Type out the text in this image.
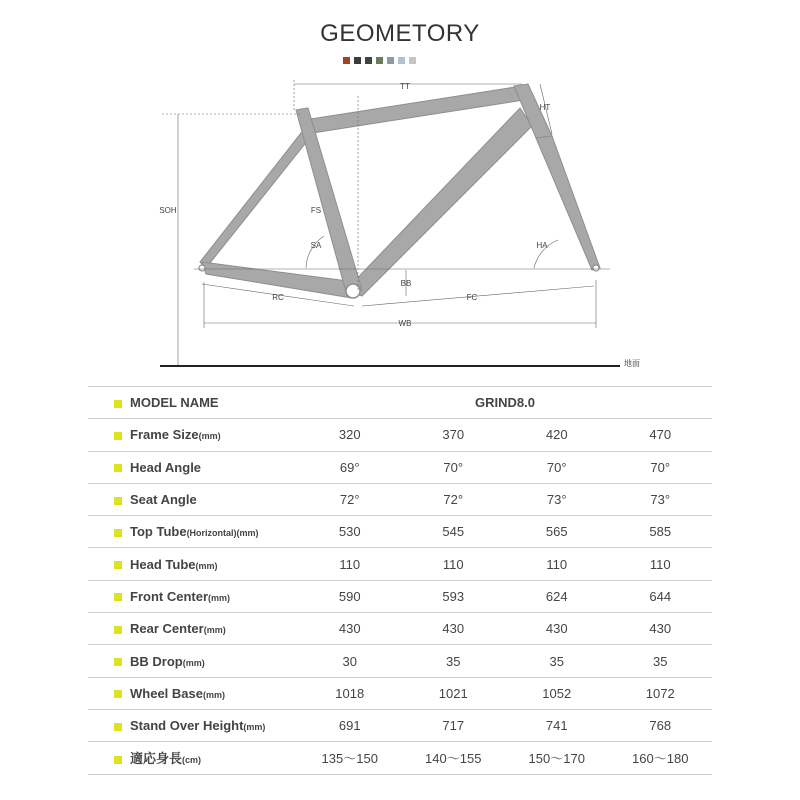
GEOMETORY
TT
HT
SOH	FS
SA	HA
BB
RC	FC
WB
地面
MODEL NAME	GRIND8.0			
Frame Size(mm)	320	370	420	470
Head Angle	69°	70°	70°	70°
Seat Angle	72°	72°	73°	73°
Top Tube(Horizontal)(mm)	530	545	565	585
Head Tube(mm)	110	110	110	110
Front Center(mm)	590	593	624	644
Rear Center(mm)	430	430	430	430
BB Drop(mm)	30	35	35	35
Wheel Base(mm)	1018	1021	1052	1072
Stand Over Height(mm)	691	717	741	768
適応身長(cm)	135〜150	140〜155	150〜170	160〜180
